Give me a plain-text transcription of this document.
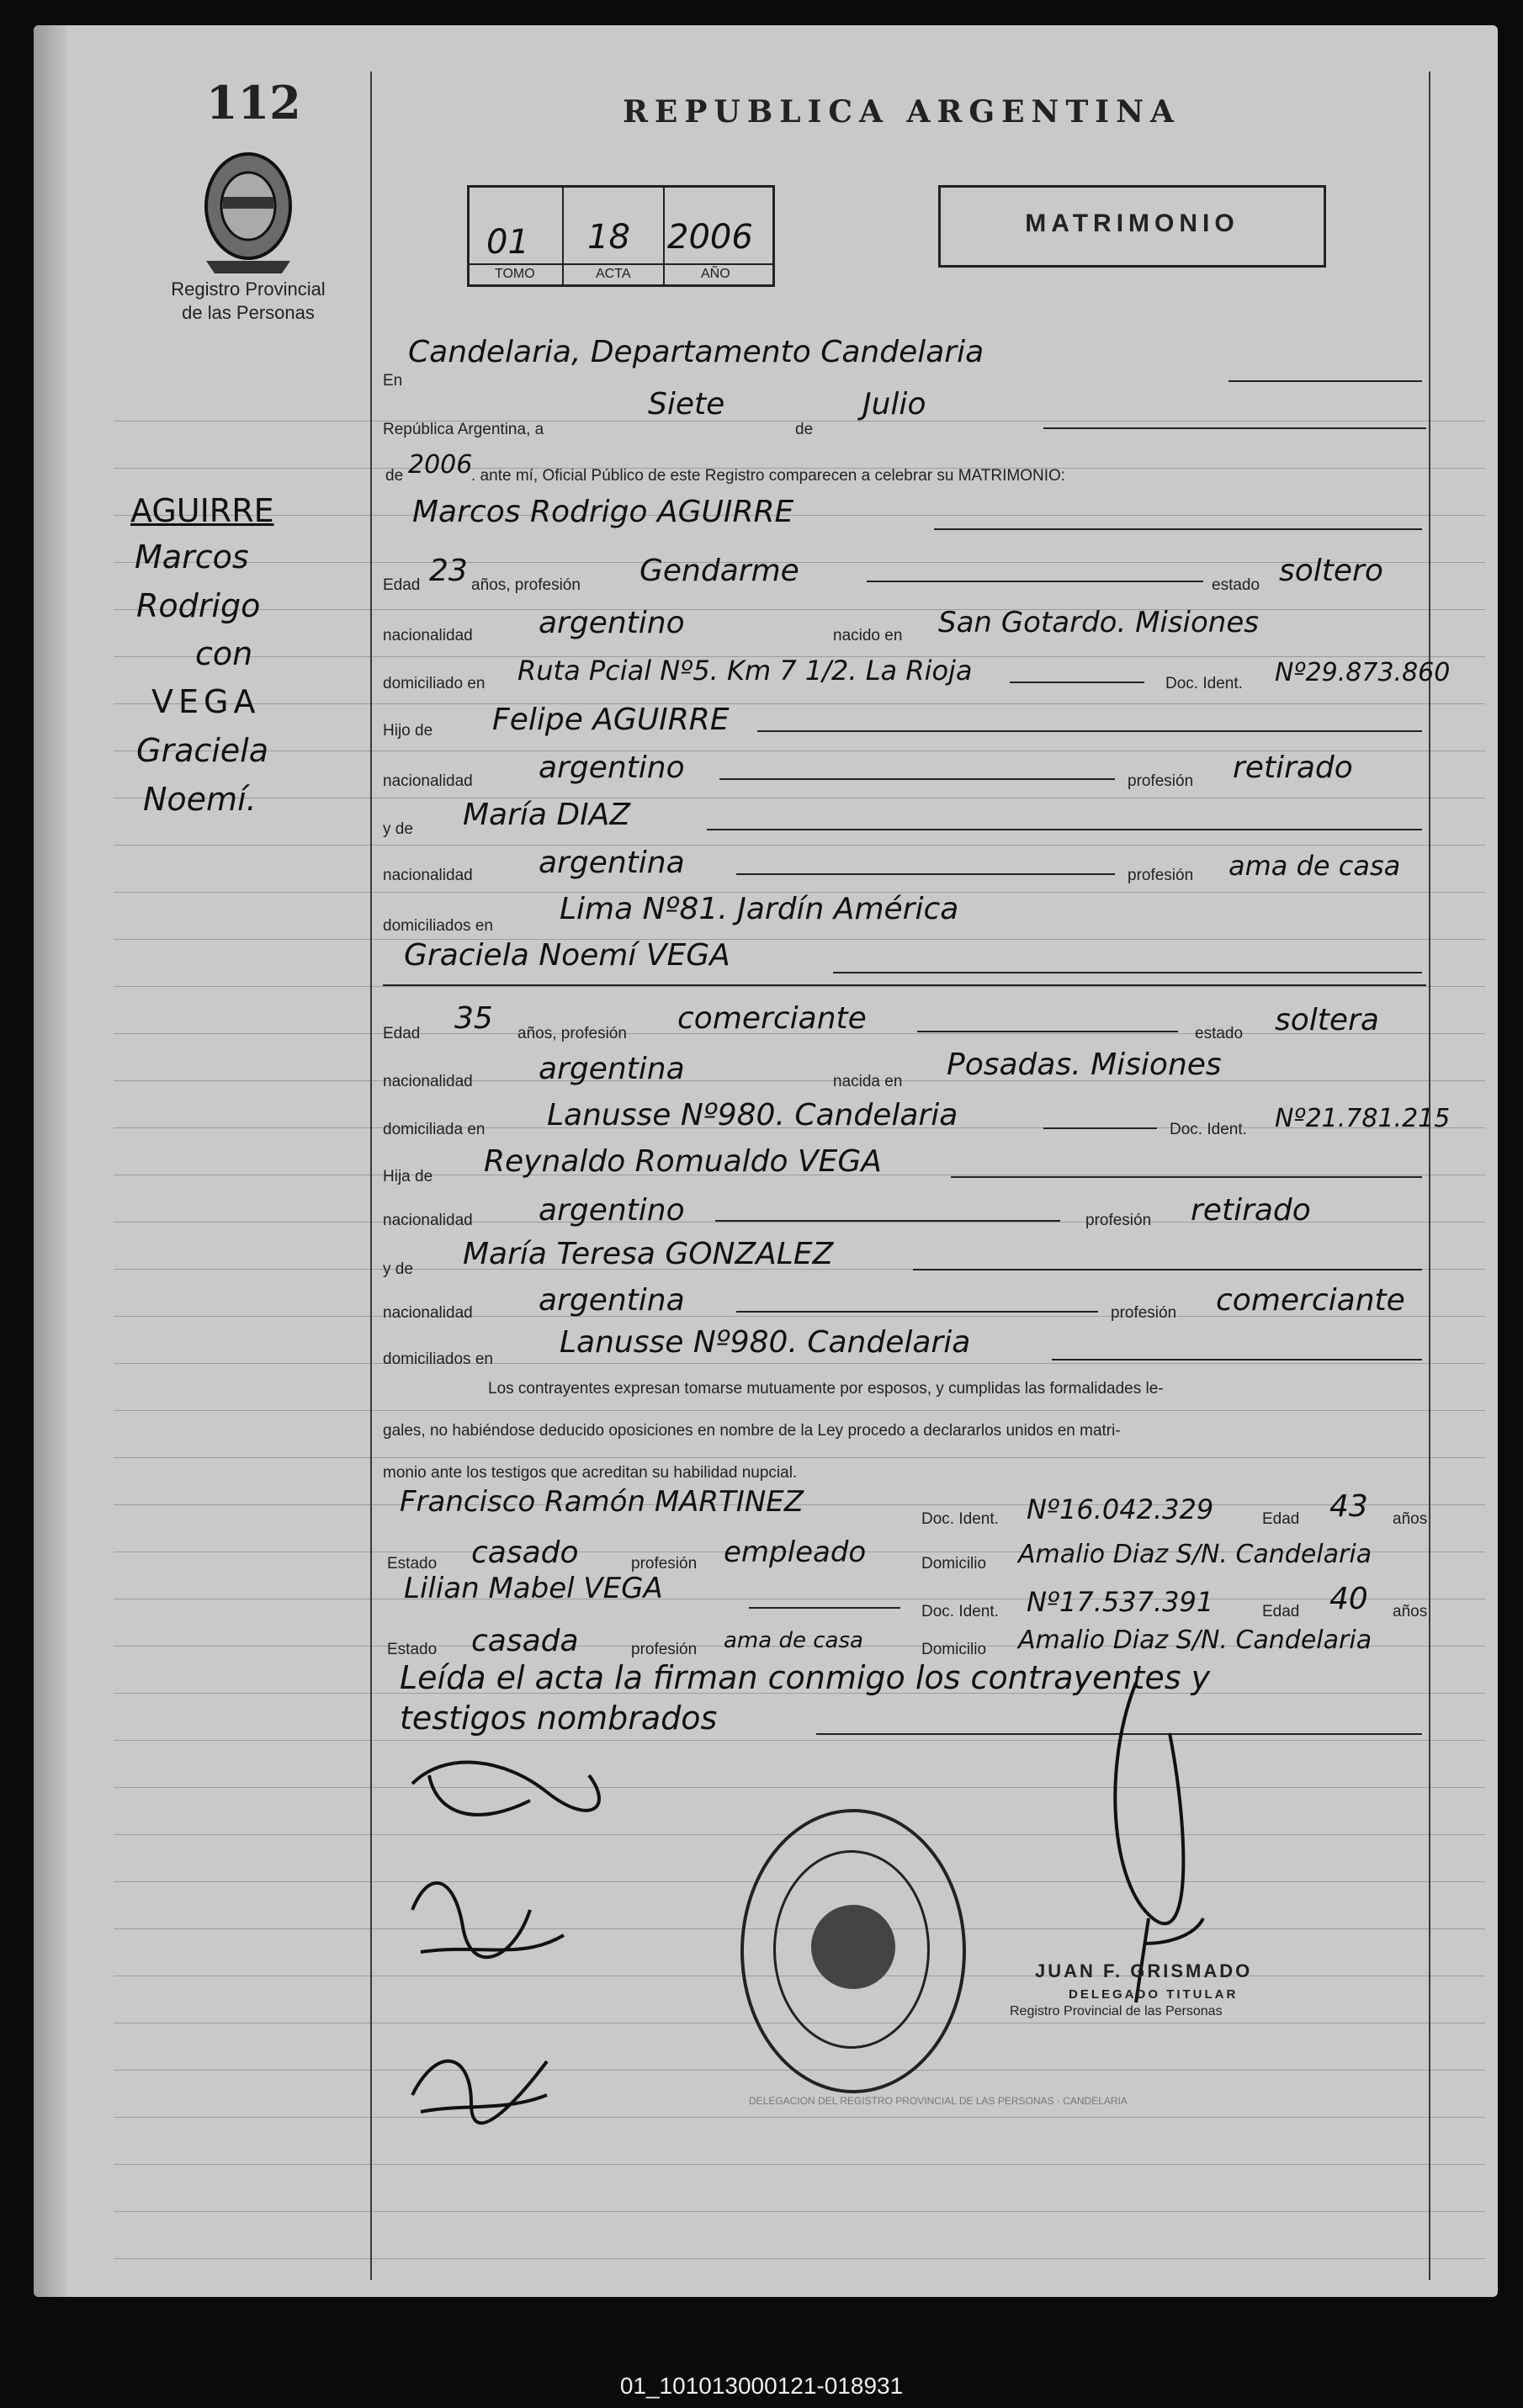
112
Registro Provincial
de las Personas
REPUBLICA ARGENTINA
01 18 2006
TOMO	ACTA	AÑO
MATRIMONIO
AGUIRRE
Marcos
Rodrigo
con
VEGA
Graciela
Noemí.
En
Candelaria, Departamento Candelaria
República Argentina, a
Siete
de
Julio
de 2006
. ante mí, Oficial Público de este Registro comparecen a celebrar su MATRIMONIO:
Marcos Rodrigo AGUIRRE
Edad 23 años, profesión Gendarme	estado soltero
nacionalidad argentino	nacido en San Gotardo. Misiones
domiciliado en Ruta Pcial Nº5. Km 7 1/2. La Rioja	Doc. Ident. Nº29.873.860
Hijo de Felipe AGUIRRE
nacionalidad argentino	profesión retirado
y de María DIAZ
nacionalidad argentina	profesión ama de casa
domiciliados en Lima Nº81. Jardín América
Graciela Noemí VEGA
Edad 35 años, profesión comerciante	estado soltera
nacionalidad argentina	nacida en Posadas. Misiones
domiciliada en Lanusse Nº980. Candelaria	Doc. Ident. Nº21.781.215
Hija de Reynaldo Romualdo VEGA
nacionalidad argentino	profesión retirado
y de María Teresa GONZALEZ
nacionalidad argentina	profesión comerciante
domiciliados en Lanusse Nº980. Candelaria
Los contrayentes expresan tomarse mutuamente por esposos, y cumplidas las formalidades le-
gales, no habiéndose deducido oposiciones en nombre de la Ley procedo a declararlos unidos en matri-
monio ante los testigos que acreditan su habilidad nupcial.
Francisco Ramón MARTINEZ
Doc. Ident. Nº16.042.329	Edad 43 años
Estado casado	profesión empleado	Domicilio Amalio Diaz S/N. Candelaria
Lilian Mabel VEGA
Doc. Ident. Nº17.537.391	Edad 40 años
Estado casada	profesión ama de casa	Domicilio Amalio Diaz S/N. Candelaria
Leída el acta la firman conmigo los contrayentes y
testigos nombrados
DELEGACION DEL REGISTRO PROVINCIAL DE LAS PERSONAS · CANDELARIA
JUAN F. GRISMADO
DELEGADO TITULAR
Registro Provincial de las Personas
01_101013000121-018931
